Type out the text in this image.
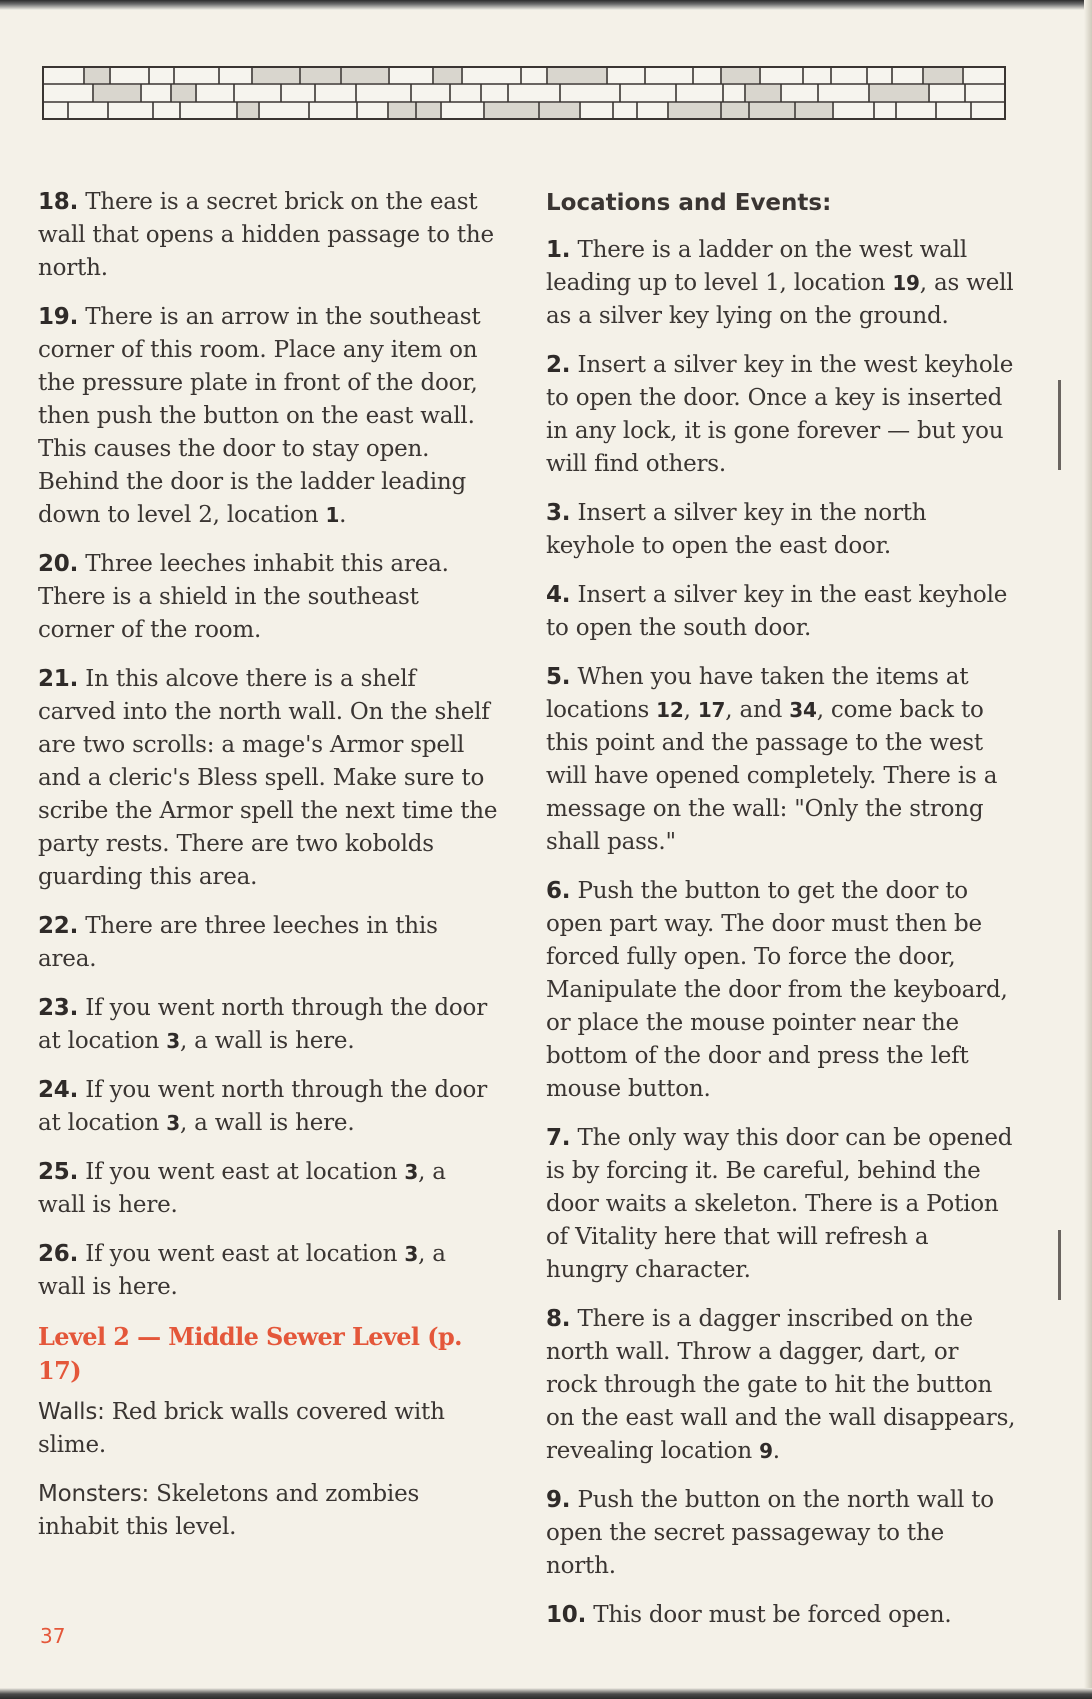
18. There is a secret brick on the east wall that opens a hidden passage to the north.

19. There is an arrow in the southeast corner of this room. Place any item on the pressure plate in front of the door, then push the button on the east wall. This causes the door to stay open. Behind the door is the ladder leading down to level 2, location 1.

20. Three leeches inhabit this area. There is a shield in the southeast corner of the room.

21. In this alcove there is a shelf carved into the north wall. On the shelf are two scrolls: a mage's Armor spell and a cleric's Bless spell. Make sure to scribe the Armor spell the next time the party rests. There are two kobolds guarding this area.

22. There are three leeches in this area.

23. If you went north through the door at location 3, a wall is here.

24. If you went north through the door at location 3, a wall is here.

25. If you went east at location 3, a wall is here.

26. If you went east at location 3, a wall is here.

Level 2 — Middle Sewer Level (p. 17)

Walls: Red brick walls covered with slime.

Monsters: Skeletons and zombies inhabit this level.

Locations and Events:

1. There is a ladder on the west wall leading up to level 1, location 19, as well as a silver key lying on the ground.

2. Insert a silver key in the west keyhole to open the door. Once a key is inserted in any lock, it is gone forever — but you will find others.

3. Insert a silver key in the north keyhole to open the east door.

4. Insert a silver key in the east keyhole to open the south door.

5. When you have taken the items at locations 12, 17, and 34, come back to this point and the passage to the west will have opened completely. There is a message on the wall: "Only the strong shall pass."

6. Push the button to get the door to open part way. The door must then be forced fully open. To force the door, Manipulate the door from the keyboard, or place the mouse pointer near the bottom of the door and press the left mouse button.

7. The only way this door can be opened is by forcing it. Be careful, behind the door waits a skeleton. There is a Potion of Vitality here that will refresh a hungry character.

8. There is a dagger inscribed on the north wall. Throw a dagger, dart, or rock through the gate to hit the button on the east wall and the wall disappears, revealing location 9.

9. Push the button on the north wall to open the secret passageway to the north.

10. This door must be forced open.

37
